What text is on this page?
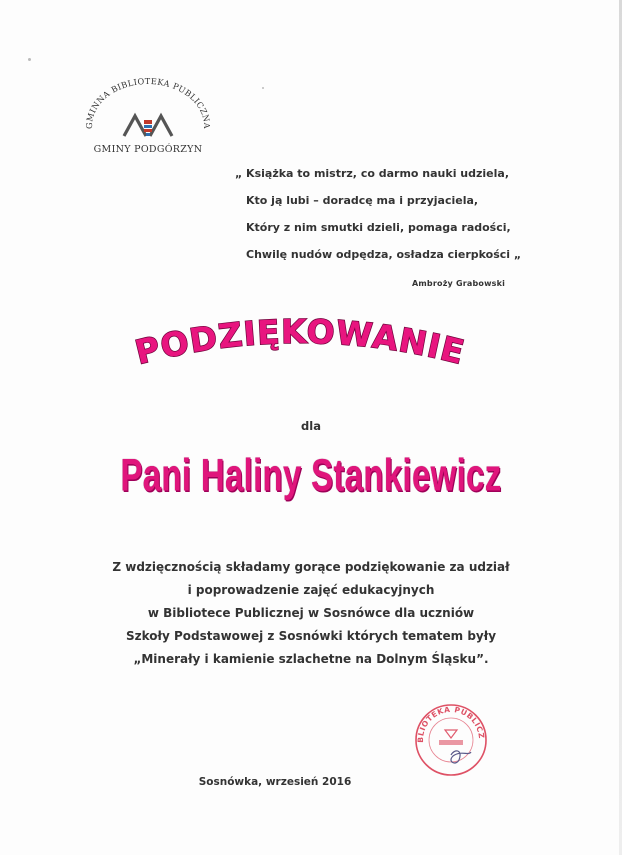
GMINNA BIBLIOTEKA PUBLICZNA
GMINY PODGÓRZYN
„ Książka to mistrz, co darmo nauki udziela,
Kto ją lubi – doradcę ma i przyjaciela,
Który z nim smutki dzieli, pomaga radości,
Chwilę nudów odpędza, osładza cierpkości „
Ambroży Grabowski
PODZIĘKOWANIE
dla
Pani Haliny Stankiewicz
Z wdzięcznością składamy gorące podziękowanie za udział
i poprowadzenie zajęć edukacyjnych
w Bibliotece Publicznej w Sosnówce dla uczniów
Szkoły Podstawowej z Sosnówki których tematem były
„Minerały i kamienie szlachetne na Dolnym Śląsku”.
BLIOTEKA PUBLICZ
Sosnówka, wrzesień 2016
